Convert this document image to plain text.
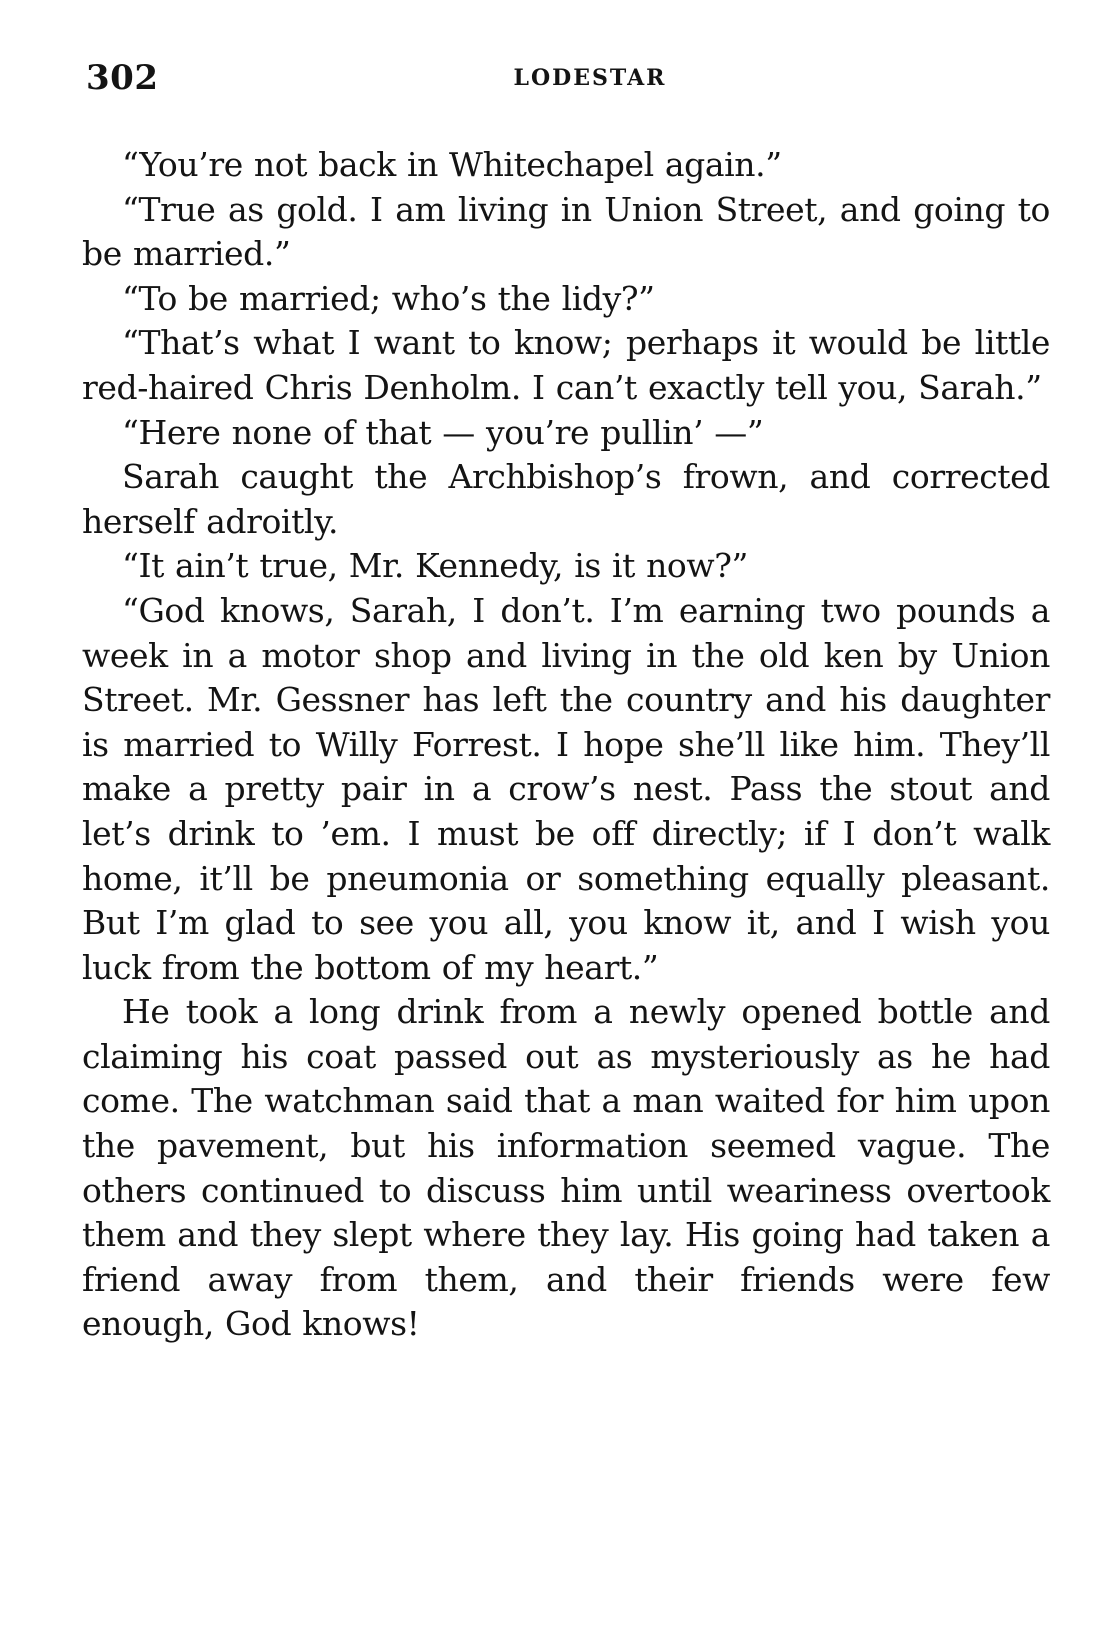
302	LODESTAR

“You’re not back in Whitechapel again.”

“True as gold. I am living in Union Street, and going to be married.”

“To be married; who’s the lidy?”

“That’s what I want to know; perhaps it would be little red-haired Chris Denholm. I can’t exactly tell you, Sarah.”

“Here none of that — you’re pullin’ —”

Sarah caught the Archbishop’s frown, and corrected herself adroitly.

“It ain’t true, Mr. Kennedy, is it now?”

“God knows, Sarah, I don’t. I’m earning two pounds a week in a motor shop and living in the old ken by Union Street. Mr. Gessner has left the country and his daughter is married to Willy Forrest. I hope she’ll like him. They’ll make a pretty pair in a crow’s nest. Pass the stout and let’s drink to ’em. I must be off directly; if I don’t walk home, it’ll be pneumonia or something equally pleasant. But I’m glad to see you all, you know it, and I wish you luck from the bottom of my heart.”

He took a long drink from a newly opened bottle and claiming his coat passed out as mysteriously as he had come. The watchman said that a man waited for him upon the pavement, but his information seemed vague. The others continued to discuss him until weariness overtook them and they slept where they lay. His going had taken a friend away from them, and their friends were few enough, God knows!
